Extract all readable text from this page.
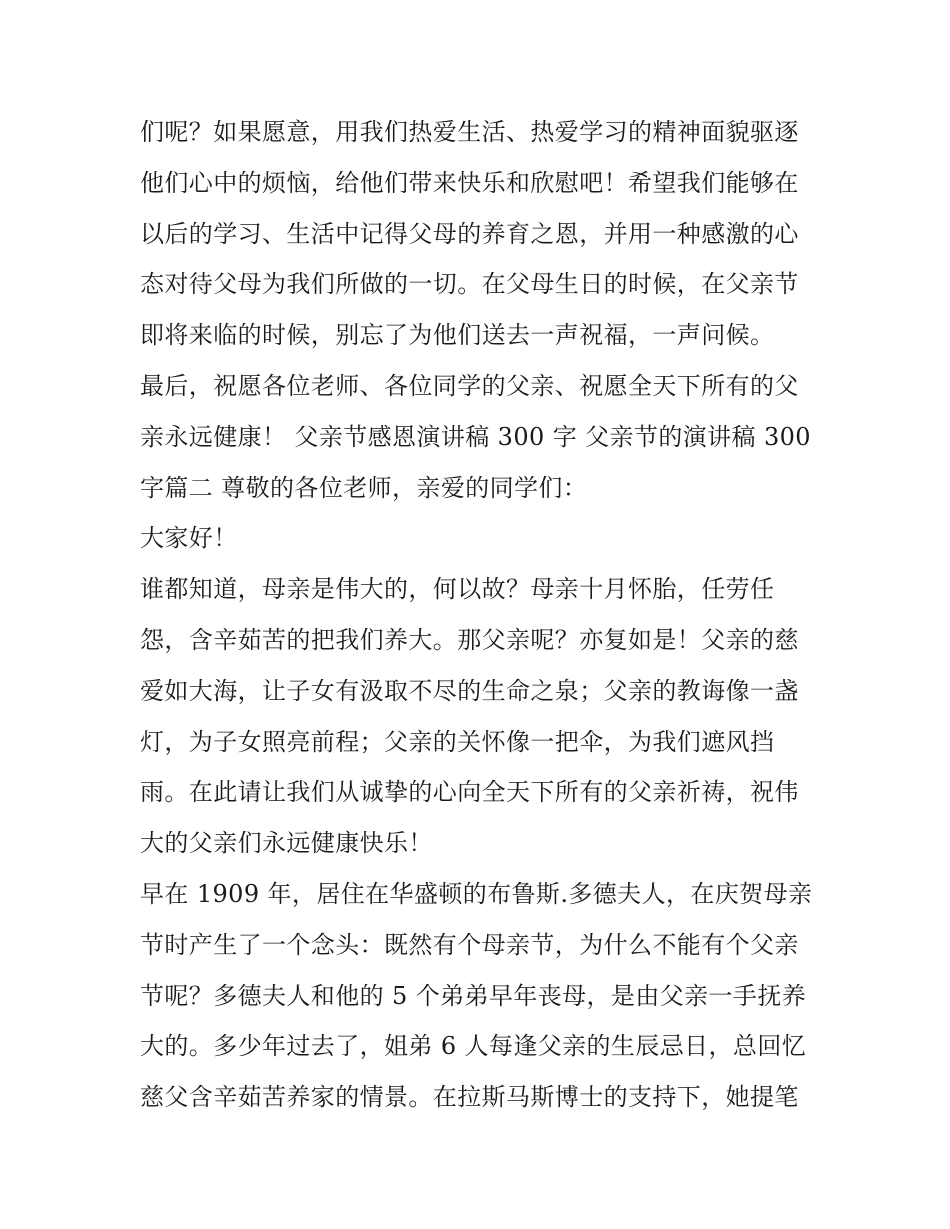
们呢？如果愿意，用我们热爱生活、热爱学习的精神面貌驱逐
他们心中的烦恼，给他们带来快乐和欣慰吧！希望我们能够在
以后的学习、生活中记得父母的养育之恩，并用一种感激的心
态对待父母为我们所做的一切。在父母生日的时候，在父亲节
即将来临的时候，别忘了为他们送去一声祝福，一声问候。
最后，祝愿各位老师、各位同学的父亲、祝愿全天下所有的父
亲永远健康！ 父亲节感恩演讲稿 300 字 父亲节的演讲稿 300
字篇二 尊敬的各位老师，亲爱的同学们：
大家好！
谁都知道，母亲是伟大的，何以故？母亲十月怀胎，任劳任
怨，含辛茹苦的把我们养大。那父亲呢？亦复如是！父亲的慈
爱如大海，让子女有汲取不尽的生命之泉；父亲的教诲像一盏
灯，为子女照亮前程；父亲的关怀像一把伞，为我们遮风挡
雨。在此请让我们从诚挚的心向全天下所有的父亲祈祷，祝伟
大的父亲们永远健康快乐！
早在 1909 年，居住在华盛顿的布鲁斯.多德夫人，在庆贺母亲
节时产生了一个念头：既然有个母亲节，为什么不能有个父亲
节呢？多德夫人和他的 5 个弟弟早年丧母，是由父亲一手抚养
大的。多少年过去了，姐弟 6 人每逢父亲的生辰忌日，总回忆
慈父含辛茹苦养家的情景。在拉斯马斯博士的支持下，她提笔
